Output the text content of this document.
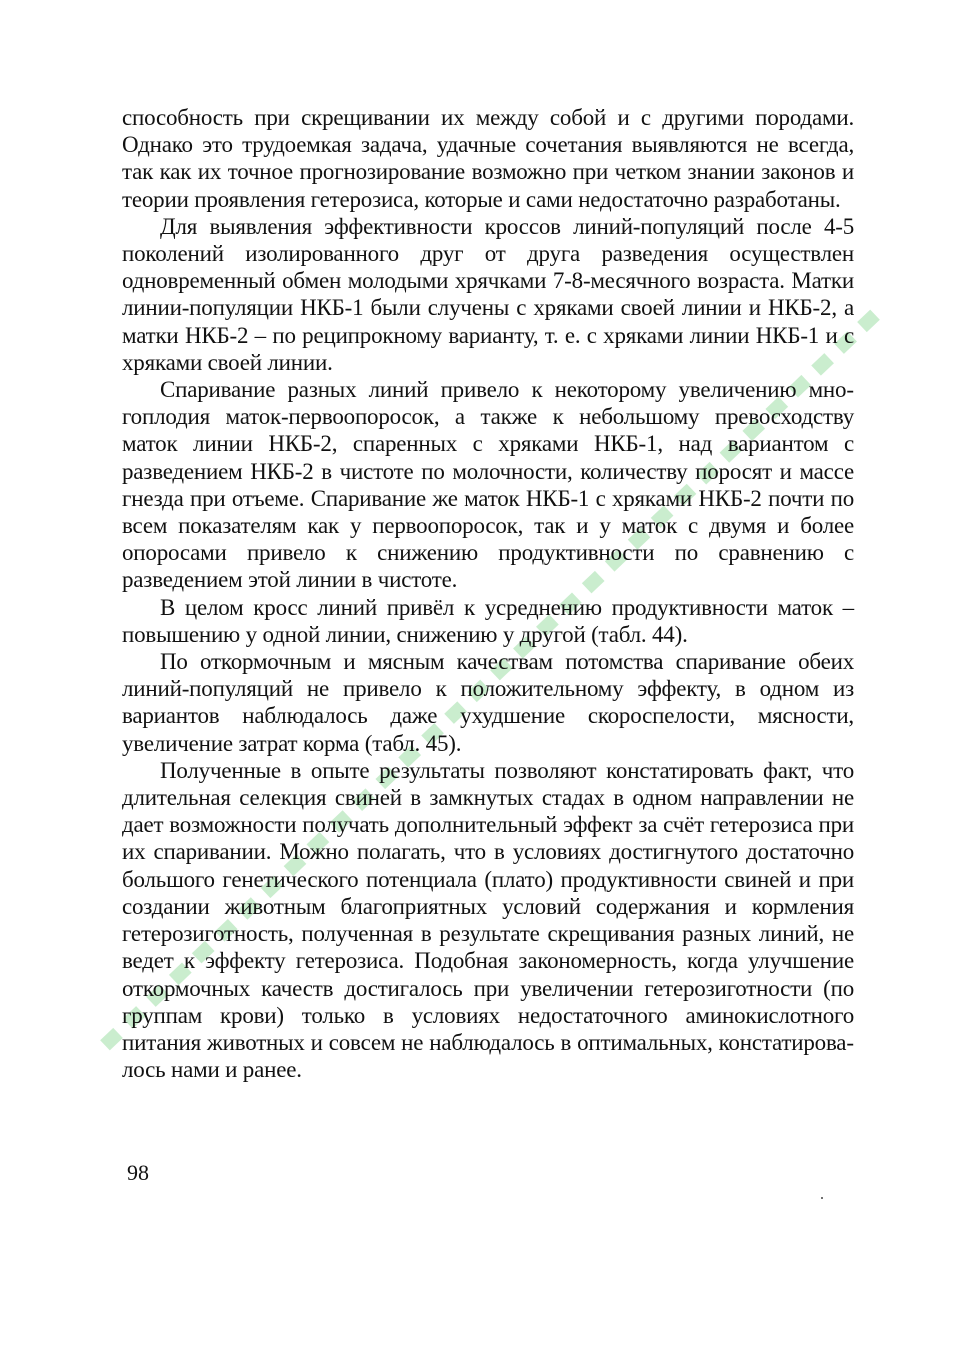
способность при скрещивании их между собой и с другими породами. Однако это трудоемкая задача, удачные сочетания выявляются не всегда, так как их точное прогнозирование возможно при четком знании законов и теории проявления гетерозиса, которые и сами недостаточно разработаны.

Для выявления эффективности кроссов линий-популяций после 4-5 поколений изолированного друг от друга разведения осуществлен одновременный обмен молодыми хрячками 7-8-месячного возраста. Матки линии-популяции НКБ-1 были случены с хряками своей линии и НКБ-2, а матки НКБ-2 – по реципрокному варианту, т. е. с хряками линии НКБ-1 и с хряками своей линии.

Спаривание разных линий привело к некоторому увеличению многоплодия маток-первоопоросок, а также к небольшому превосходству маток линии НКБ-2, спаренных с хряками НКБ-1, над вариантом с разведением НКБ-2 в чистоте по молочности, количеству поросят и массе гнезда при отъеме. Спаривание же маток НКБ-1 с хряками НКБ-2 почти по всем показателям как у первоопоросок, так и у маток с двумя и более опоросами привело к снижению продуктивности по сравнению с разведением этой линии в чистоте.

В целом кросс линий привёл к усреднению продуктивности маток – повышению у одной линии, снижению у другой (табл. 44).

По откормочным и мясным качествам потомства спаривание обеих линий-популяций не привело к положительному эффекту, в одном из вариантов наблюдалось даже ухудшение скороспелости, мясности, увеличение затрат корма (табл. 45).

Полученные в опыте результаты позволяют констатировать факт, что длительная селекция свиней в замкнутых стадах в одном направлении не дает возможности получать дополнительный эффект за счёт гетерозиса при их спаривании. Можно полагать, что в условиях достигнутого достаточно большого генетического потенциала (плато) продуктивности свиней и при создании животным благоприятных условий содержания и кормления гетерозиготность, полученная в результате скрещивания разных линий, не ведет к эффекту гетерозиса. Подобная закономерность, когда улучшение откормочных качеств достигалось при увеличении гетерозиготности (по группам крови) только в условиях недостаточного аминокислотного питания животных и совсем не наблюдалось в оптимальных, констатировалось нами и ранее.

98
